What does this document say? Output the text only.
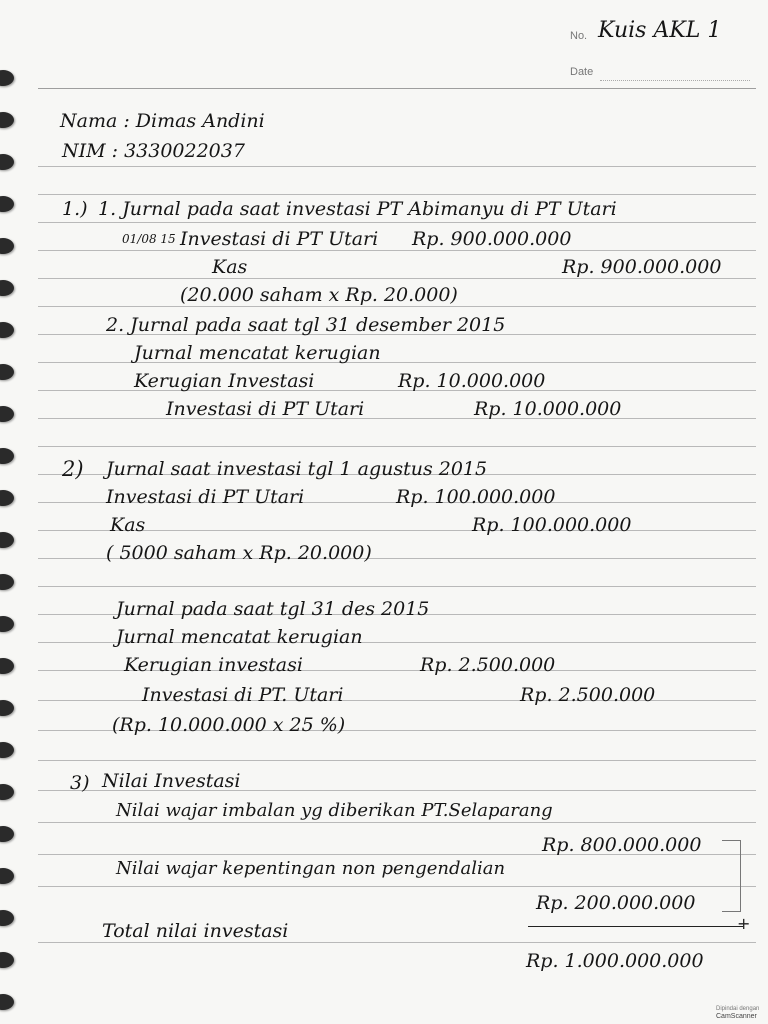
No. Kuis AKL 1
Date
Nama : Dimas Andini
NIM : 3330022037
1.) 1. Jurnal pada saat investasi PT Abimanyu di PT Utari
01/08 15 Investasi di PT Utari Rp. 900.000.000
Kas	Rp. 900.000.000
(20.000 saham x Rp. 20.000)
2. Jurnal pada saat tgl 31 desember 2015
Jurnal mencatat kerugian
Kerugian Investasi	Rp. 10.000.000
Investasi di PT Utari	Rp. 10.000.000
2) Jurnal saat investasi tgl 1 agustus 2015
Investasi di PT Utari	Rp. 100.000.000
Kas	Rp. 100.000.000
( 5000 saham x Rp. 20.000)
Jurnal pada saat tgl 31 des 2015
Jurnal mencatat kerugian
Kerugian investasi	Rp. 2.500.000
Investasi di PT. Utari	Rp. 2.500.000
(Rp. 10.000.000 x 25 %)
3) Nilai Investasi
Nilai wajar imbalan yg diberikan PT.Selaparang
Rp. 800.000.000
Nilai wajar kepentingan non pengendalian
Rp. 200.000.000
Total nilai investasi	+
Rp. 1.000.000.000
Dipindai dengan
CamScanner
